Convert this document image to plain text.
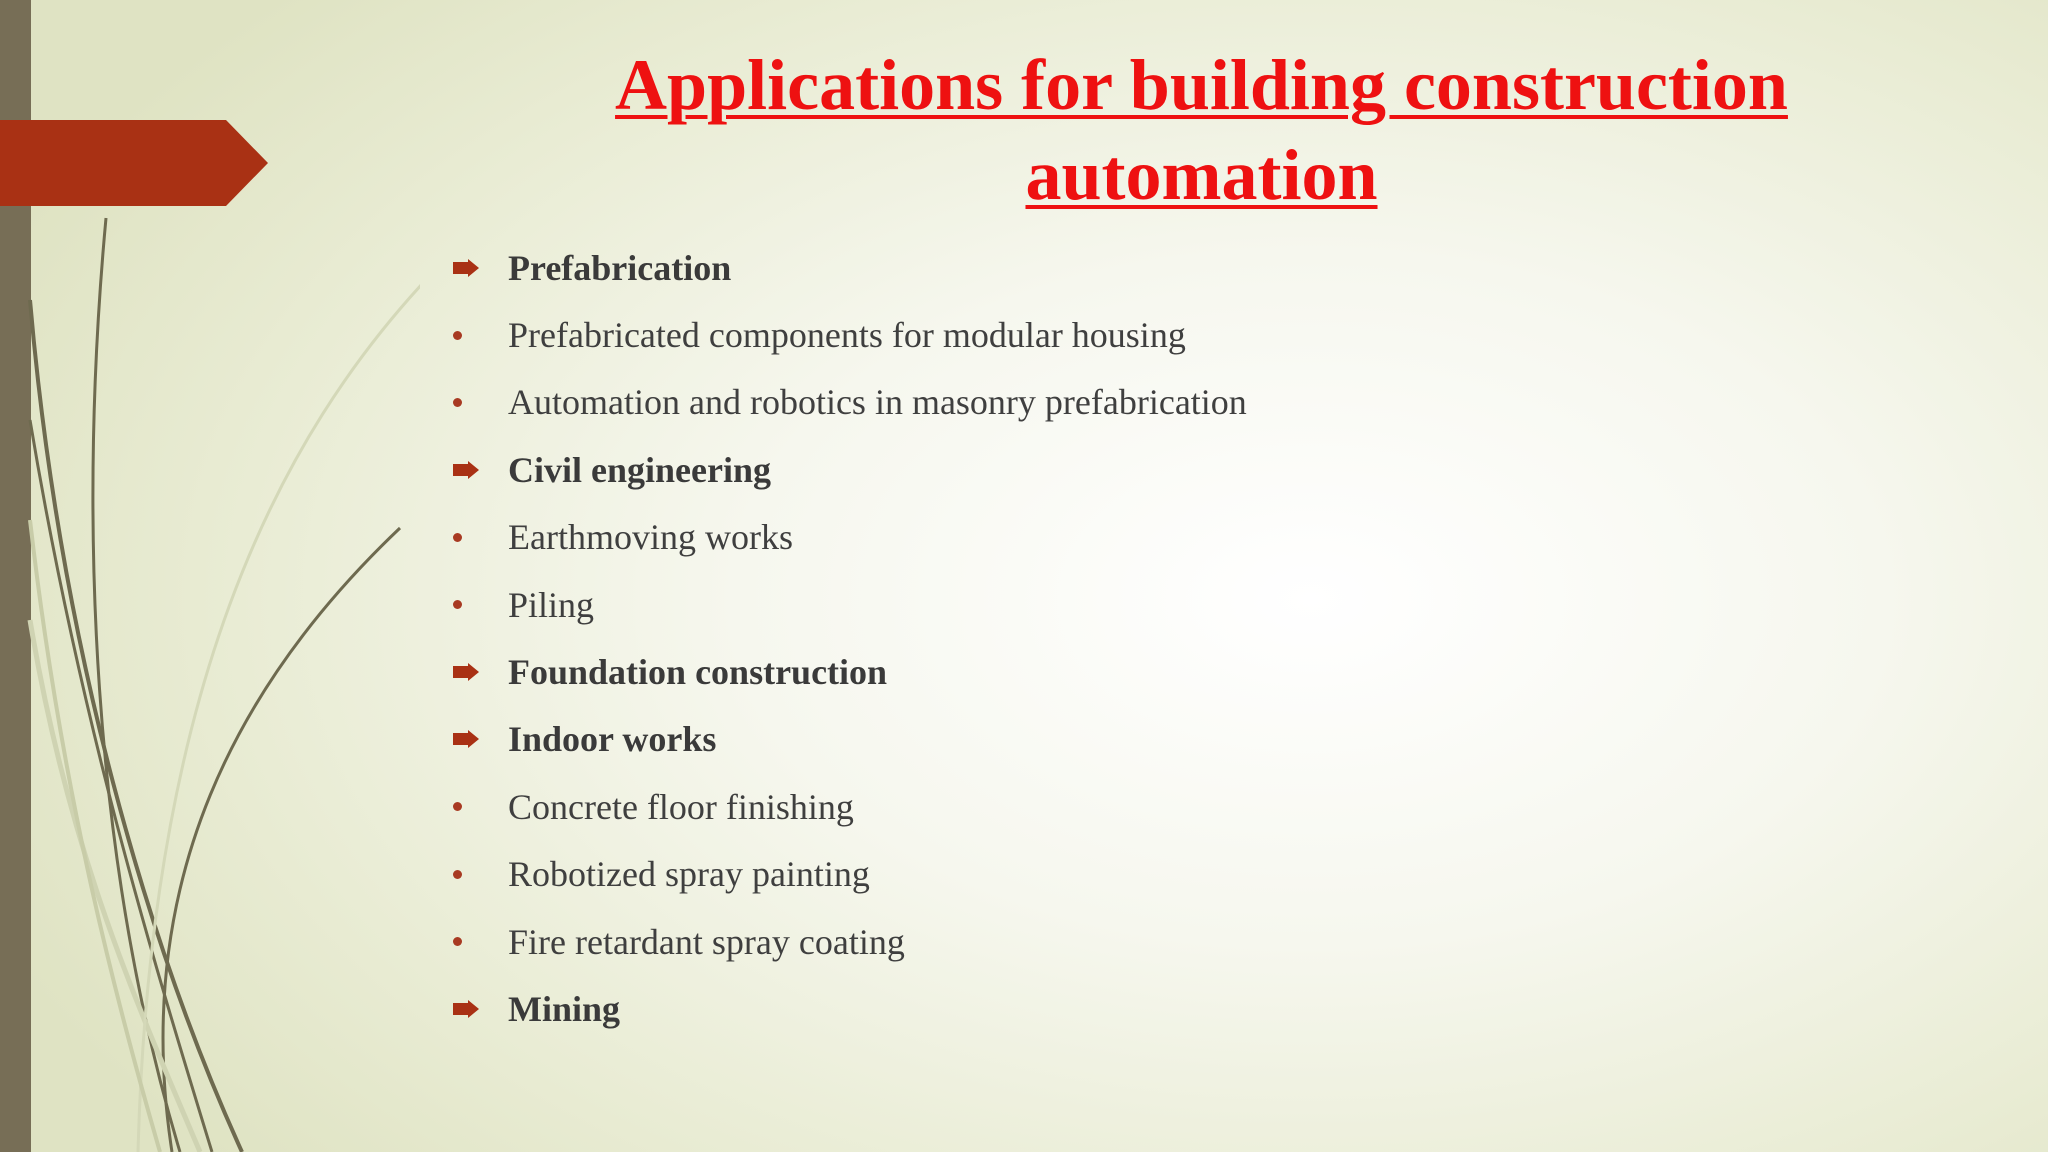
Applications for building construction automation
Prefabrication
Prefabricated components for modular housing
Automation and robotics in masonry prefabrication
Civil engineering
Earthmoving works
Piling
Foundation construction
Indoor works
Concrete floor finishing
Robotized spray painting
Fire retardant spray coating
Mining
